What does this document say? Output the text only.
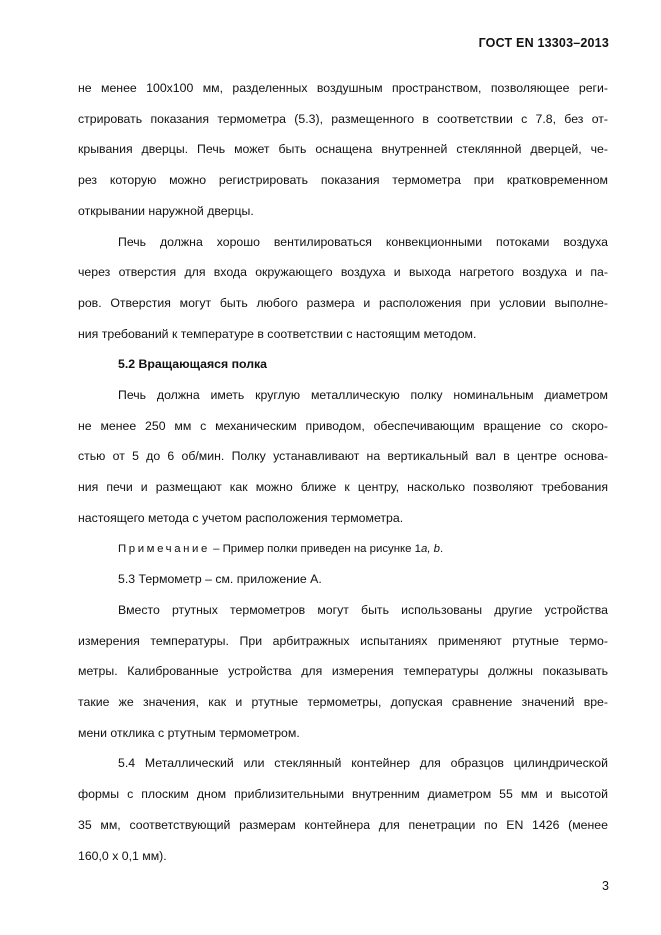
ГОСТ EN 13303–2013

не менее 100х100 мм, разделенных воздушным пространством, позволяющее реги-

стрировать показания термометра (5.3), размещенного в соответствии с 7.8, без от-

крывания дверцы. Печь может быть оснащена внутренней стеклянной дверцей, че-

рез которую можно регистрировать показания термометра при кратковременном

открывании наружной дверцы.

Печь должна хорошо вентилироваться конвекционными потоками воздуха

через отверстия для входа окружающего воздуха и выхода нагретого воздуха и па-

ров. Отверстия могут быть любого размера и расположения при условии выполне-

ния требований к температуре в соответствии с настоящим методом.

5.2 Вращающаяся полка

Печь должна иметь круглую металлическую полку номинальным диаметром

не менее 250 мм с механическим приводом, обеспечивающим вращение со скоро-

стью от 5 до 6 об/мин. Полку устанавливают на вертикальный вал в центре основа-

ния печи и размещают как можно ближе к центру, насколько позволяют требования

настоящего метода с учетом расположения термометра.

Примечание – Пример полки приведен на рисунке 1a, b.

5.3 Термометр – см. приложение А.

Вместо ртутных термометров могут быть использованы другие устройства

измерения температуры. При арбитражных испытаниях применяют ртутные термо-

метры. Калиброванные устройства для измерения температуры должны показывать

такие же значения, как и ртутные термометры, допуская сравнение значений вре-

мени отклика с ртутным термометром.

5.4 Металлический или стеклянный контейнер для образцов цилиндрической

формы с плоским дном приблизительными внутренним диаметром 55 мм и высотой

35 мм, соответствующий размерам контейнера для пенетрации по EN 1426 (менее

160,0 х 0,1 мм).

3
